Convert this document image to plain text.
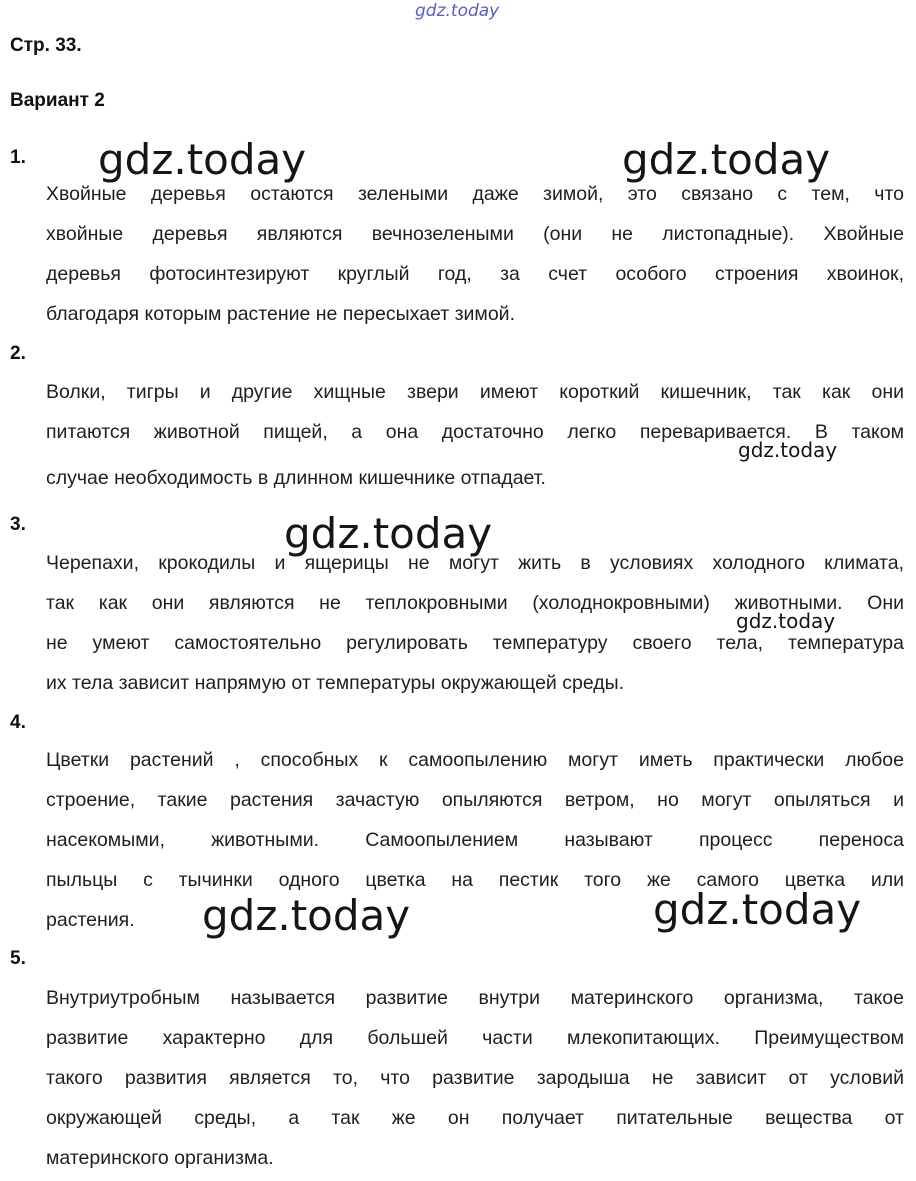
gdz.today
Стр. 33.
Вариант 2
1.
Хвойные деревья остаются зелеными даже зимой, это связано с тем, что
хвойные деревья являются вечнозелеными (они не листопадные). Хвойные
деревья фотосинтезируют круглый год, за счет особого строения хвоинок,
благодаря которым растение не пересыхает зимой.
2.
Волки, тигры и другие хищные звери имеют короткий кишечник, так как они
питаются животной пищей, а она достаточно легко переваривается. В таком
случае необходимость в длинном кишечнике отпадает.
3.
Черепахи, крокодилы и ящерицы не могут жить в условиях холодного климата,
так как они являются не теплокровными (холоднокровными) животными. Они
не умеют самостоятельно регулировать температуру своего тела, температура
их тела зависит напрямую от температуры окружающей среды.
4.
Цветки растений , способных к самоопылению могут иметь практически любое
строение, такие растения зачастую опыляются ветром, но могут опыляться и
насекомыми, животными. Самоопылением называют процесс переноса
пыльцы с тычинки одного цветка на пестик того же самого цветка или
растения.
5.
Внутриутробным называется развитие внутри материнского организма, такое
развитие характерно для большей части млекопитающих. Преимуществом
такого развития является то, что развитие зародыша не зависит от условий
окружающей среды, а так же он получает питательные вещества от
материнского организма.
gdz.today	gdz.today
gdz.today
gdz.today
gdz.today
gdz.today	gdz.today
